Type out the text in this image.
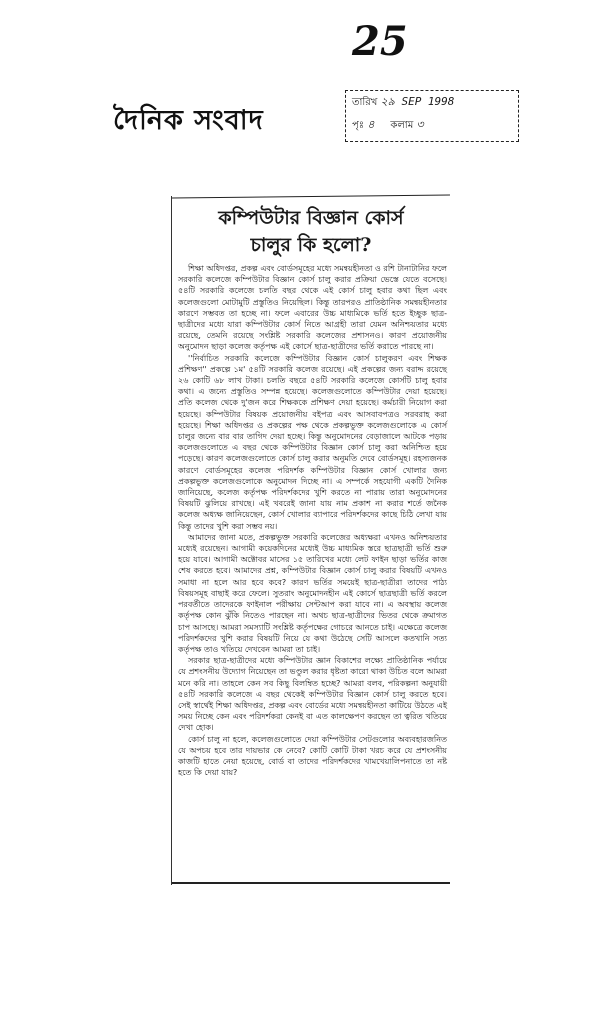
25
দৈনিক সংবাদ
তারিখ ২৯ SEP 1998
পৃঃ ৪ কলাম ৩
কম্পিউটার বিজ্ঞান কোর্স
চালুর কি হলো?

শিক্ষা অধিদপ্তর, প্রকল্প এবং বোর্ডসমূহের মধ্যে সমন্বয়হীনতা ও রশি টানাটানির ফলে সরকারি কলেজে কম্পিউটার বিজ্ঞান কোর্স চালু করার প্রক্রিয়া ভেস্তে যেতে বসেছে। ৫৪টি সরকারি কলেজে চলতি বছর থেকে এই কোর্স চালু হবার কথা ছিল এবং কলেজগুলো মোটামুটি প্রস্তুতিও নিয়েছিল। কিন্তু তারপরও প্রাতিষ্ঠানিক সমন্বয়হীনতার কারণে সম্ভবত তা হচ্ছে না। ফলে এবারের উচ্চ মাধ্যমিকে ভর্তি হতে ইচ্ছুক ছাত্র-ছাত্রীদের মধ্যে যারা কম্পিউটার কোর্স নিতে আগ্রহী তারা যেমন অনিশ্চয়তার মধ্যে রয়েছে, তেমনি রয়েছে সংশ্লিষ্ট সরকারি কলেজের প্রশাসনও। কারণ প্রয়োজনীয় অনুমোদন ছাড়া কলেজ কর্তৃপক্ষ এই কোর্সে ছাত্র-ছাত্রীদের ভর্তি করাতে পারছে না।

''নির্বাচিত সরকারি কলেজে কম্পিউটার বিজ্ঞান কোর্স চালুকরণ এবং শিক্ষক প্রশিক্ষণ'' প্রকল্পে ১ম' ৫৪টি সরকারি কলেজ রয়েছে। এই প্রকল্পের জন্য বরাদ্দ রয়েছে ২৬ কোটি ৬৮ লাখ টাকা। চলতি বছরে ৫৪টি সরকারি কলেজে কোর্সটি চালু হবার কথা। এ জন্যে প্রস্তুতিও সম্পন্ন হয়েছে। কলেজগুলোতে কম্পিউটার দেয়া হয়েছে। প্রতি কলেজ থেকে দু'জন করে শিক্ষককে প্রশিক্ষণ দেয়া হয়েছে। কর্মচারী নিয়োগ করা হয়েছে। কম্পিউটার বিষয়ক প্রয়োজনীয় বইপত্র এবং আসবাবপত্রও সরবরাহ করা হয়েছে। শিক্ষা অধিদপ্তর ও প্রকল্পের পক্ষ থেকে প্রকল্পভুক্ত কলেজগুলোকে এ কোর্স চালুর জন্যে বার বার তাগিদ দেয়া হচ্ছে। কিন্তু অনুমোদনের বেড়াজালে আটকে পড়ায় কলেজগুলোতে এ বছর থেকে কম্পিউটার বিজ্ঞান কোর্স চালু করা অনিশ্চিত হয়ে পড়েছে। কারণ কলেজগুলোতে কোর্স চালু করার অনুমতি দেবে বোর্ডসমূহ। রহস্যজনক কারণে বোর্ডসমূহের কলেজ পরিদর্শক কম্পিউটার বিজ্ঞান কোর্স খোলার জন্য প্রকল্পভুক্ত কলেজগুলোকে অনুমোদন দিচ্ছে না। এ সম্পর্কে সহযোগী একটি দৈনিক জানিয়েছে, কলেজ কর্তৃপক্ষ পরিদর্শকদের খুশি করতে না পারায় তারা অনুমোদনের বিষয়টি ঝুলিয়ে রাখছে। এই খবরেই জানা যায় নাম প্রকাশ না করার শর্তে জনৈক কলেজ অধ্যক্ষ জানিয়েছেন, কোর্স খোলার ব্যাপারে পরিদর্শকদের কাছে চিঠি লেখা যায় কিন্তু তাদের খুশি করা সম্ভব নয়।

আমাদের জানা মতে, প্রকল্পভুক্ত সরকারি কলেজের অধ্যক্ষরা এখনও অনিশ্চয়তার মধ্যেই রয়েছেন। আগামী কয়েকদিনের মধ্যেই উচ্চ মাধ্যমিক স্তরে ছাত্রছাত্রী ভর্তি শুরু হয়ে যাবে। আগামী অক্টোবর মাসের ১৫ তারিখের মধ্যে লেট ফাইন ছাড়া ভর্তির কাজ শেষ করতে হবে। আমাদের প্রশ্ন, কম্পিউটার বিজ্ঞান কোর্স চালু করার বিষয়টি এখনও সমাধা না হলে আর হবে কবে? কারণ ভর্তির সময়েই ছাত্র-ছাত্রীরা তাদের পাঠ্য বিষয়সমূহ বাছাই করে ফেলে। সুতরাং অনুমোদনহীন এই কোর্সে ছাত্রছাত্রী ভর্তি করলে পরবর্তীতে তাদেরকে ফাইনাল পরীক্ষায় সেন্টআপ করা যাবে না। এ অবস্থায় কলেজ কর্তৃপক্ষ কোন ঝুঁকি নিতেও পারছেন না। অথচ ছাত্র-ছাত্রীদের ভিতর থেকে ক্রমাগত চাপ আসছে। আমরা সমস্যাটি সংশ্লিষ্ট কর্তৃপক্ষের গোচরে আনতে চাই। এক্ষেত্রে কলেজ পরিদর্শকদের খুশি করার বিষয়টি নিয়ে যে কথা উঠেছে সেটি আসলে কতখানি সত্য কর্তৃপক্ষ তাও খতিয়ে দেখবেন আমরা তা চাই।

সরকার ছাত্র-ছাত্রীদের মধ্যে কম্পিউটার জ্ঞান বিকাশের লক্ষ্যে প্রাতিষ্ঠানিক পর্যায়ে যে প্রশংসনীয় উদ্যোগ নিয়েছেন তা ভণ্ডুল করার ধৃষ্টতা কারো থাকা উচিত বলে আমরা মনে করি না। তাহলে কেন সব কিছু বিলম্বিত হচ্ছে? আমরা বলব, পরিকল্পনা অনুযায়ী ৫৪টি সরকারি কলেজে এ বছর থেকেই কম্পিউটার বিজ্ঞান কোর্স চালু করতে হবে। সেই স্বার্থেই শিক্ষা অধিদপ্তর, প্রকল্প এবং বোর্ডের মধ্যে সমন্বয়হীনতা কাটিয়ে উঠতে এই সময় নিচ্ছে কেন এবং পরিদর্শকরা কেনই বা এত কালক্ষেপণ করছেন তা ত্বরিত খতিয়ে দেখা হোক।

কোর্স চালু না হলে, কলেজগুলোতে দেয়া কম্পিউটার সেটগুলোর অব্যবহারজনিত যে অপচয় হবে তার দায়ভার কে নেবে? কোটি কোটি টাকা খরচ করে যে প্রশংসনীয় কাজটি হাতে নেয়া হয়েছে, বোর্ড বা তাদের পরিদর্শকদের খামখেয়ালিপনাতে তা নষ্ট হতে কি দেয়া যায়?
